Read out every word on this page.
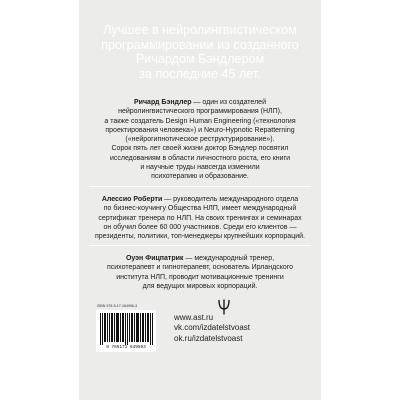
Лучшее в нейролингвистическом
программировании из созданного
Ричардом Бэндлером
за последние 45 лет.

Ричард Бэндлер — один из создателей
нейролингвистического программирования (НЛП),
а также создатель Design Human Engineering («технология
проектирования человека») и Neuro-Hypnotic Repatterning
(«нейрогипнотическое реструктурирование»).
Сорок пять лет своей жизни доктор Бэндлер посвятил
исследованиям в области личностного роста, его книги
и научные труды навсегда изменили
психотерапию и образование.

Алессио Роберти — руководитель международного отдела
по бизнес-коучингу Общества НЛП, имеет международный
сертификат тренера по НЛП. На своих тренингах и семинарах
он обучил более 60 000 участников. Среди его клиентов —
президенты, политики, топ-менеджеры крупнейших корпораций.

Оуэн Фицпатрик — международный тренер,
психотерапевт и гипнотерапевт, основатель Ирландского
института НЛП, проводит мотивационные тренинги
для ведущих мировых корпораций.

ISBN 978-5-17-164956-3
9 785171 649593
www.ast.ru
vk.com/izdatelstvoast
ok.ru/izdatelstvoast
